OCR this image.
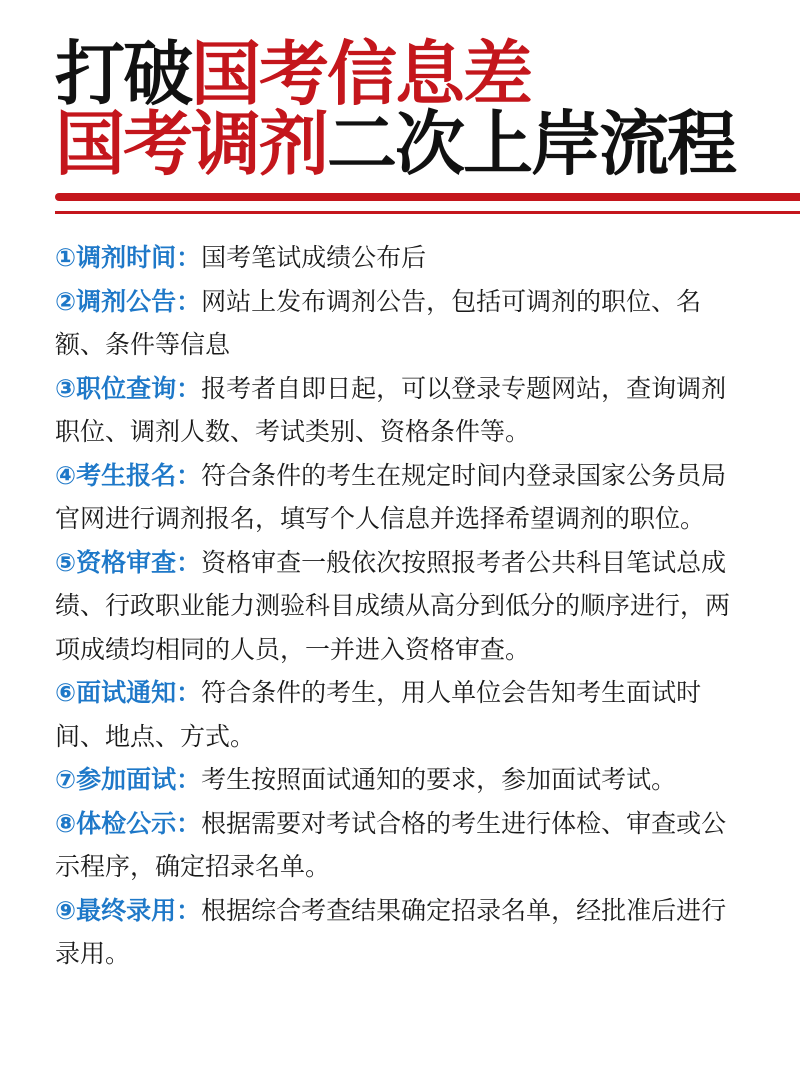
打破国考信息差
国考调剂二次上岸流程

①调剂时间：国考笔试成绩公布后

②调剂公告：网站上发布调剂公告，包括可调剂的职位、名额、条件等信息

③职位查询：报考者自即日起，可以登录专题网站，查询调剂职位、调剂人数、考试类别、资格条件等。

④考生报名：符合条件的考生在规定时间内登录国家公务员局官网进行调剂报名，填写个人信息并选择希望调剂的职位。

⑤资格审查：资格审查一般依次按照报考者公共科目笔试总成绩、行政职业能力测验科目成绩从高分到低分的顺序进行，两项成绩均相同的人员，一并进入资格审查。

⑥面试通知：符合条件的考生，用人单位会告知考生面试时间、地点、方式。

⑦参加面试：考生按照面试通知的要求，参加面试考试。

⑧体检公示：根据需要对考试合格的考生进行体检、审查或公示程序，确定招录名单。

⑨最终录用：根据综合考查结果确定招录名单，经批准后进行录用。
